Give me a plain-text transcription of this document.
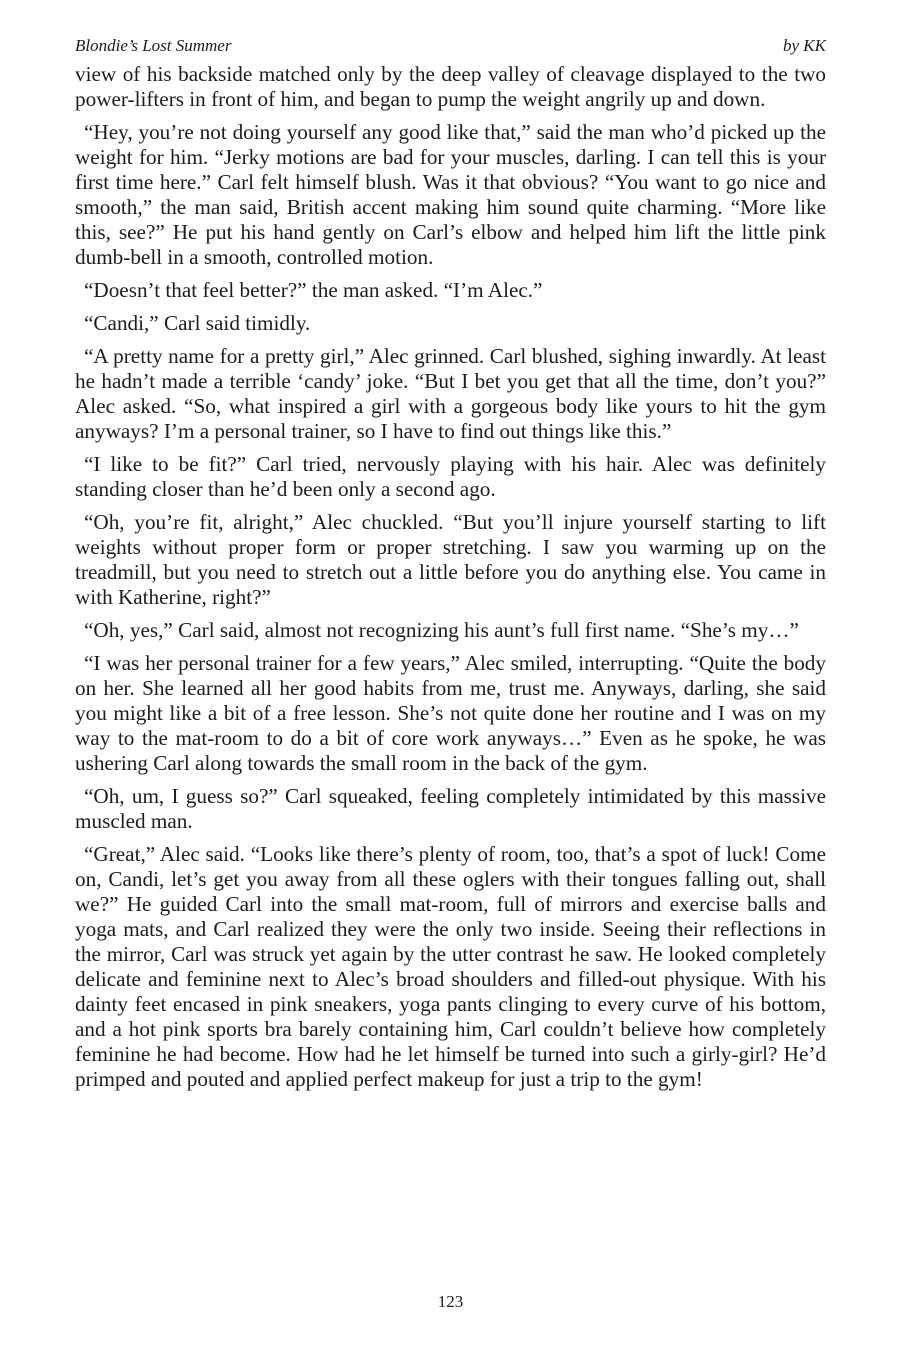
Blondie’s Lost Summer	by KK

view of his backside matched only by the deep valley of cleavage displayed to the two power-lifters in front of him, and began to pump the weight angrily up and down.

“Hey, you’re not doing yourself any good like that,” said the man who’d picked up the weight for him. “Jerky motions are bad for your muscles, darling. I can tell this is your first time here.” Carl felt himself blush. Was it that obvious? “You want to go nice and smooth,” the man said, British accent making him sound quite charming. “More like this, see?” He put his hand gently on Carl’s elbow and helped him lift the little pink dumb-bell in a smooth, controlled motion.

“Doesn’t that feel better?” the man asked. “I’m Alec.”

“Candi,” Carl said timidly.

“A pretty name for a pretty girl,” Alec grinned. Carl blushed, sighing inwardly. At least he hadn’t made a terrible ‘candy’ joke. “But I bet you get that all the time, don’t you?” Alec asked. “So, what inspired a girl with a gorgeous body like yours to hit the gym anyways? I’m a personal trainer, so I have to find out things like this.”

“I like to be fit?” Carl tried, nervously playing with his hair. Alec was definitely standing closer than he’d been only a second ago.

“Oh, you’re fit, alright,” Alec chuckled. “But you’ll injure yourself starting to lift weights without proper form or proper stretching. I saw you warming up on the treadmill, but you need to stretch out a little before you do anything else. You came in with Katherine, right?”

“Oh, yes,” Carl said, almost not recognizing his aunt’s full first name. “She’s my…”

“I was her personal trainer for a few years,” Alec smiled, interrupting. “Quite the body on her. She learned all her good habits from me, trust me. Anyways, darling, she said you might like a bit of a free lesson. She’s not quite done her routine and I was on my way to the mat-room to do a bit of core work anyways…” Even as he spoke, he was ushering Carl along towards the small room in the back of the gym.

“Oh, um, I guess so?” Carl squeaked, feeling completely intimidated by this massive muscled man.

“Great,” Alec said. “Looks like there’s plenty of room, too, that’s a spot of luck! Come on, Candi, let’s get you away from all these oglers with their tongues falling out, shall we?” He guided Carl into the small mat-room, full of mirrors and exercise balls and yoga mats, and Carl realized they were the only two inside. Seeing their reflections in the mirror, Carl was struck yet again by the utter contrast he saw. He looked completely delicate and feminine next to Alec’s broad shoulders and filled-out physique. With his dainty feet encased in pink sneakers, yoga pants clinging to every curve of his bottom, and a hot pink sports bra barely containing him, Carl couldn’t believe how completely feminine he had become. How had he let himself be turned into such a girly-girl? He’d primped and pouted and applied perfect makeup for just a trip to the gym!

123
